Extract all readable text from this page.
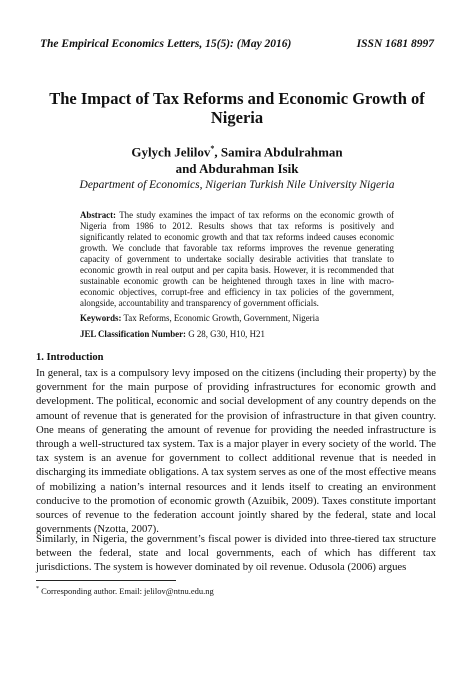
The Empirical Economics Letters, 15(5): (May 2016)	ISSN 1681 8997
The Impact of Tax Reforms and Economic Growth of Nigeria
Gylych Jelilov*, Samira Abdulrahman
and Abdurahman Isik
Department of Economics, Nigerian Turkish Nile University Nigeria
Abstract: The study examines the impact of tax reforms on the economic growth of Nigeria from 1986 to 2012. Results shows that tax reforms is positively and significantly related to economic growth and that tax reforms indeed causes economic growth. We conclude that favorable tax reforms improves the revenue generating capacity of government to undertake socially desirable activities that translate to economic growth in real output and per capita basis. However, it is recommended that sustainable economic growth can be heightened through taxes in line with macro-economic objectives, corrupt-free and efficiency in tax policies of the government, alongside, accountability and transparency of government officials.
Keywords: Tax Reforms, Economic Growth, Government, Nigeria
JEL Classification Number: G 28, G30, H10, H21
1. Introduction
In general, tax is a compulsory levy imposed on the citizens (including their property) by the government for the main purpose of providing infrastructures for economic growth and development. The political, economic and social development of any country depends on the amount of revenue that is generated for the provision of infrastructure in that given country. One means of generating the amount of revenue for providing the needed infrastructure is through a well-structured tax system. Tax is a major player in every society of the world. The tax system is an avenue for government to collect additional revenue that is needed in discharging its immediate obligations. A tax system serves as one of the most effective means of mobilizing a nation’s internal resources and it lends itself to creating an environment conducive to the promotion of economic growth (Azuibik, 2009). Taxes constitute important sources of revenue to the federation account jointly shared by the federal, state and local governments (Nzotta, 2007).
Similarly, in Nigeria, the government’s fiscal power is divided into three-tiered tax structure between the federal, state and local governments, each of which has different tax jurisdictions. The system is however dominated by oil revenue. Odusola (2006) argues
* Corresponding author. Email: jelilov@ntnu.edu.ng
